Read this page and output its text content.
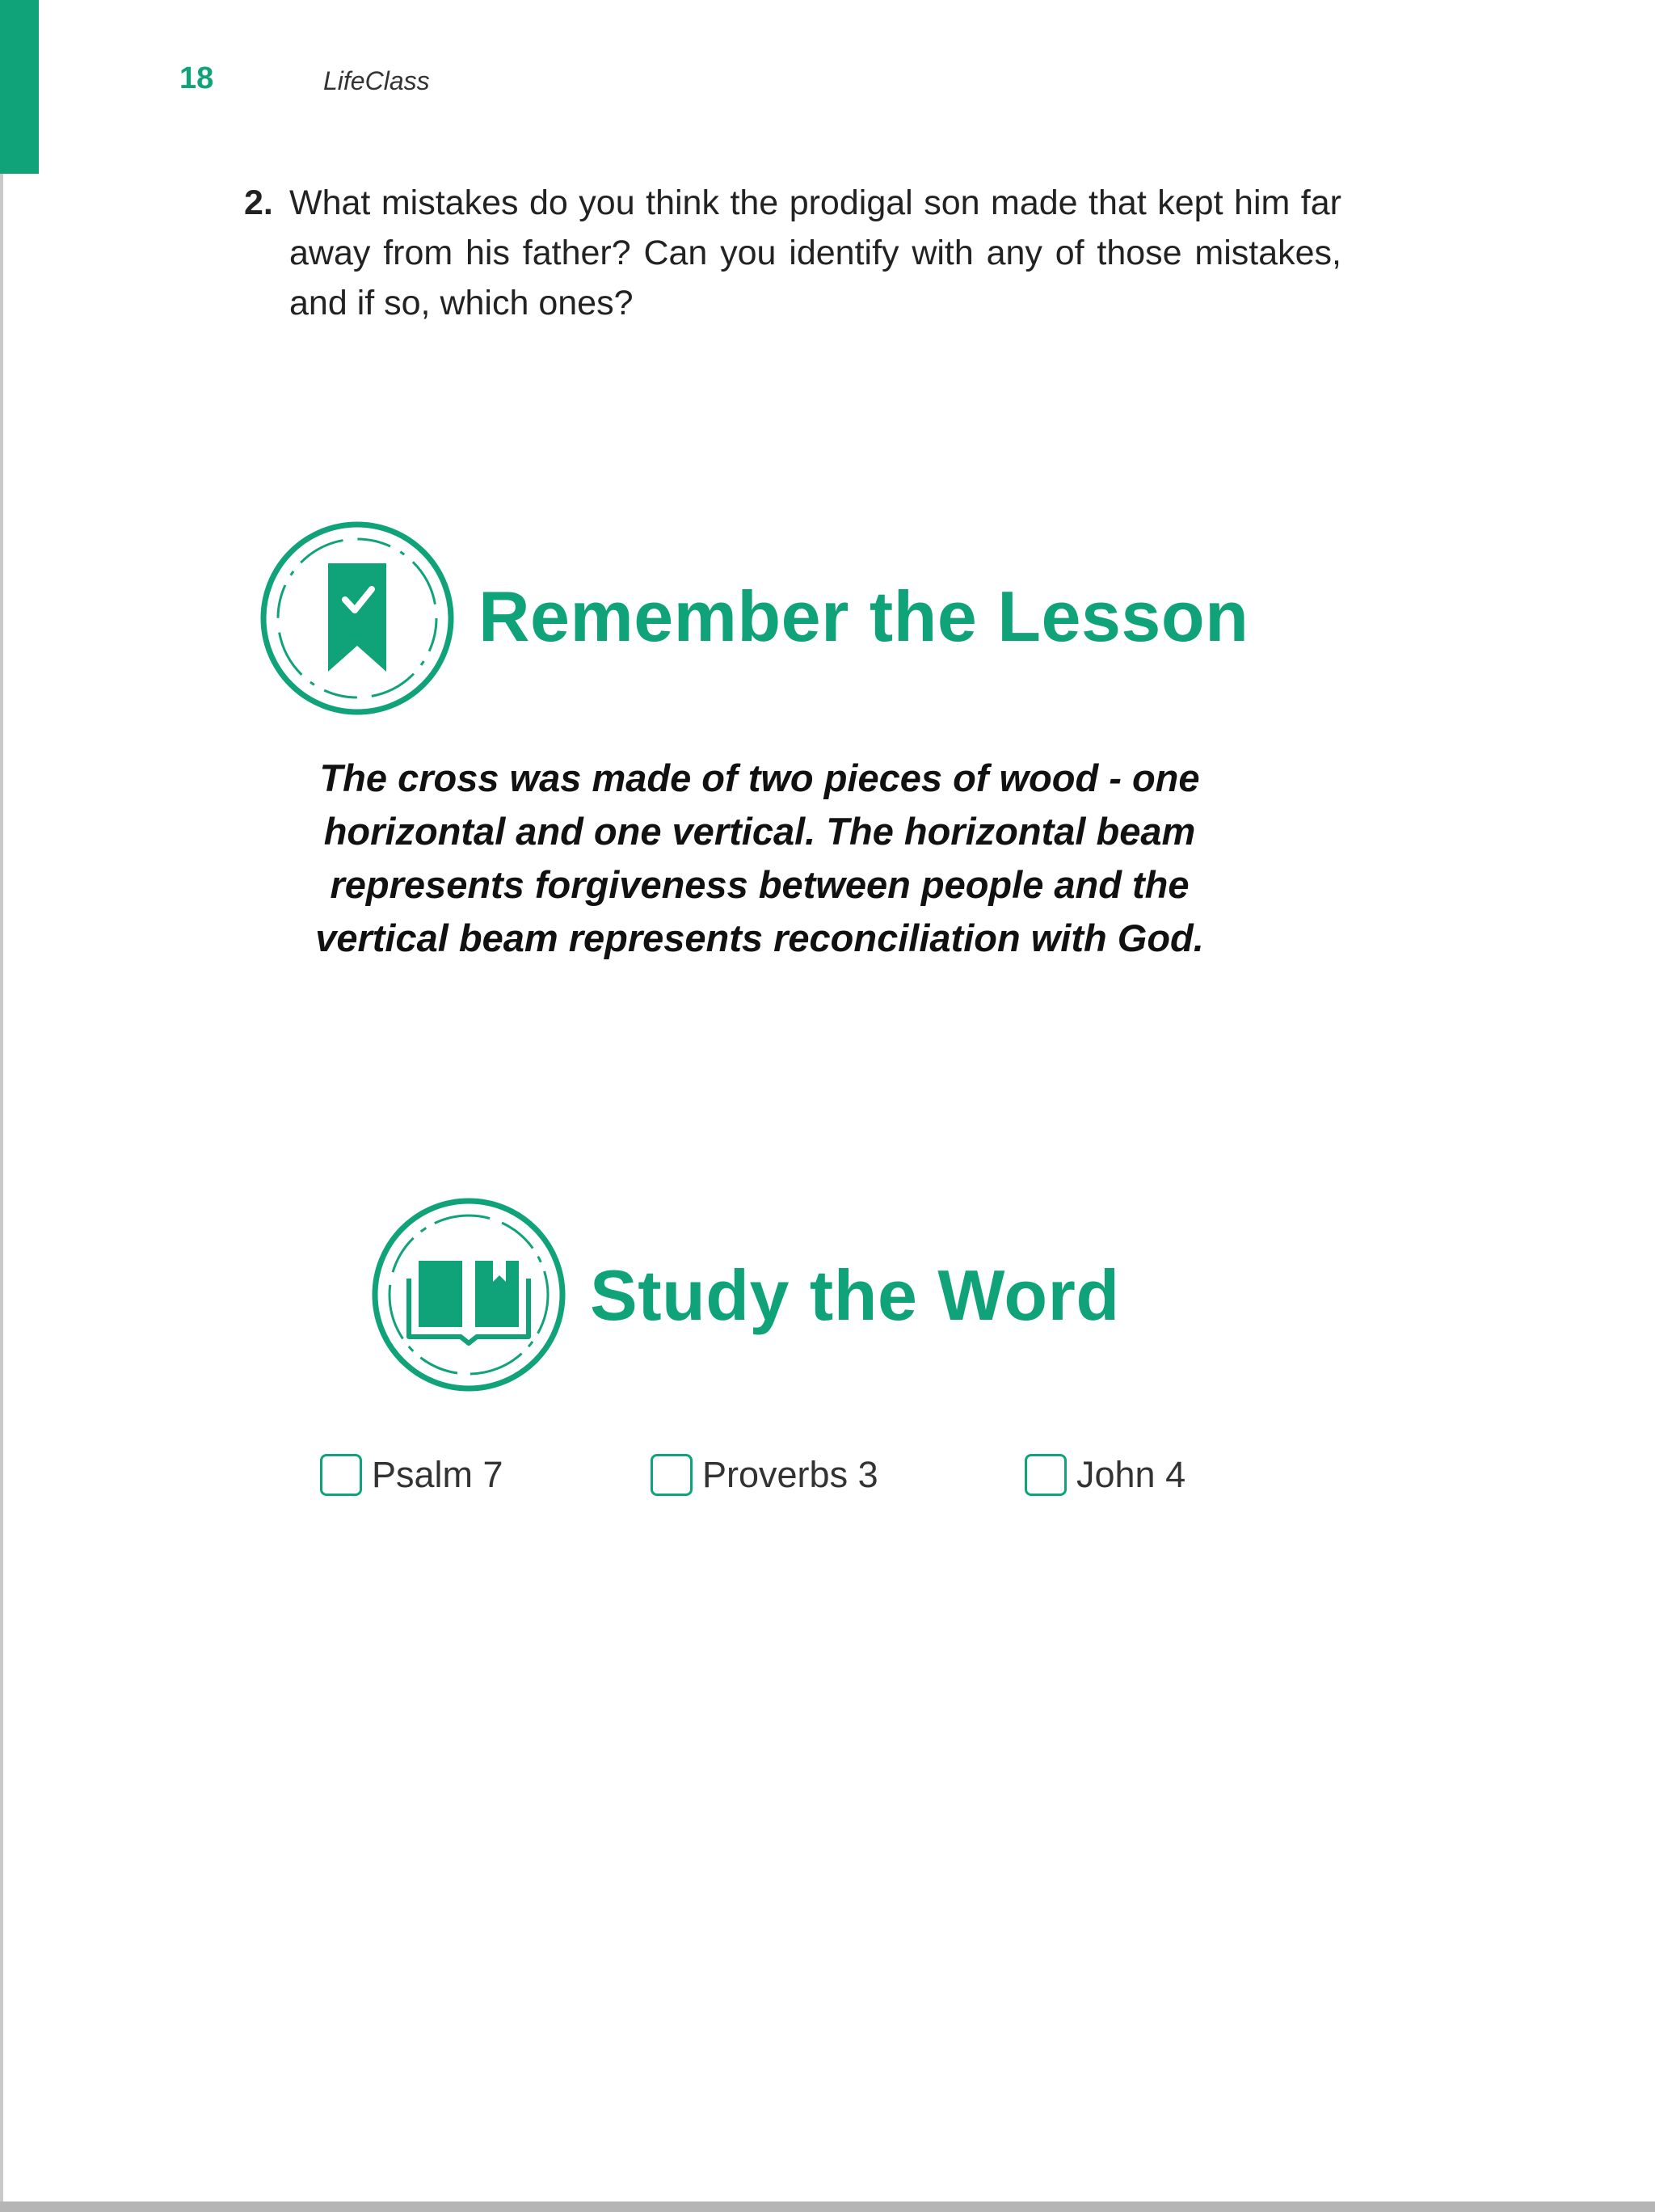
18	LifeClass
2. What mistakes do you think the prodigal son made that kept him far away from his father? Can you identify with any of those mistakes, and if so, which ones?
Remember the Lesson
The cross was made of two pieces of wood - one horizontal and one vertical. The horizontal beam represents forgiveness between people and the vertical beam represents reconciliation with God.
Study the Word
Psalm 7	Proverbs 3	John 4
